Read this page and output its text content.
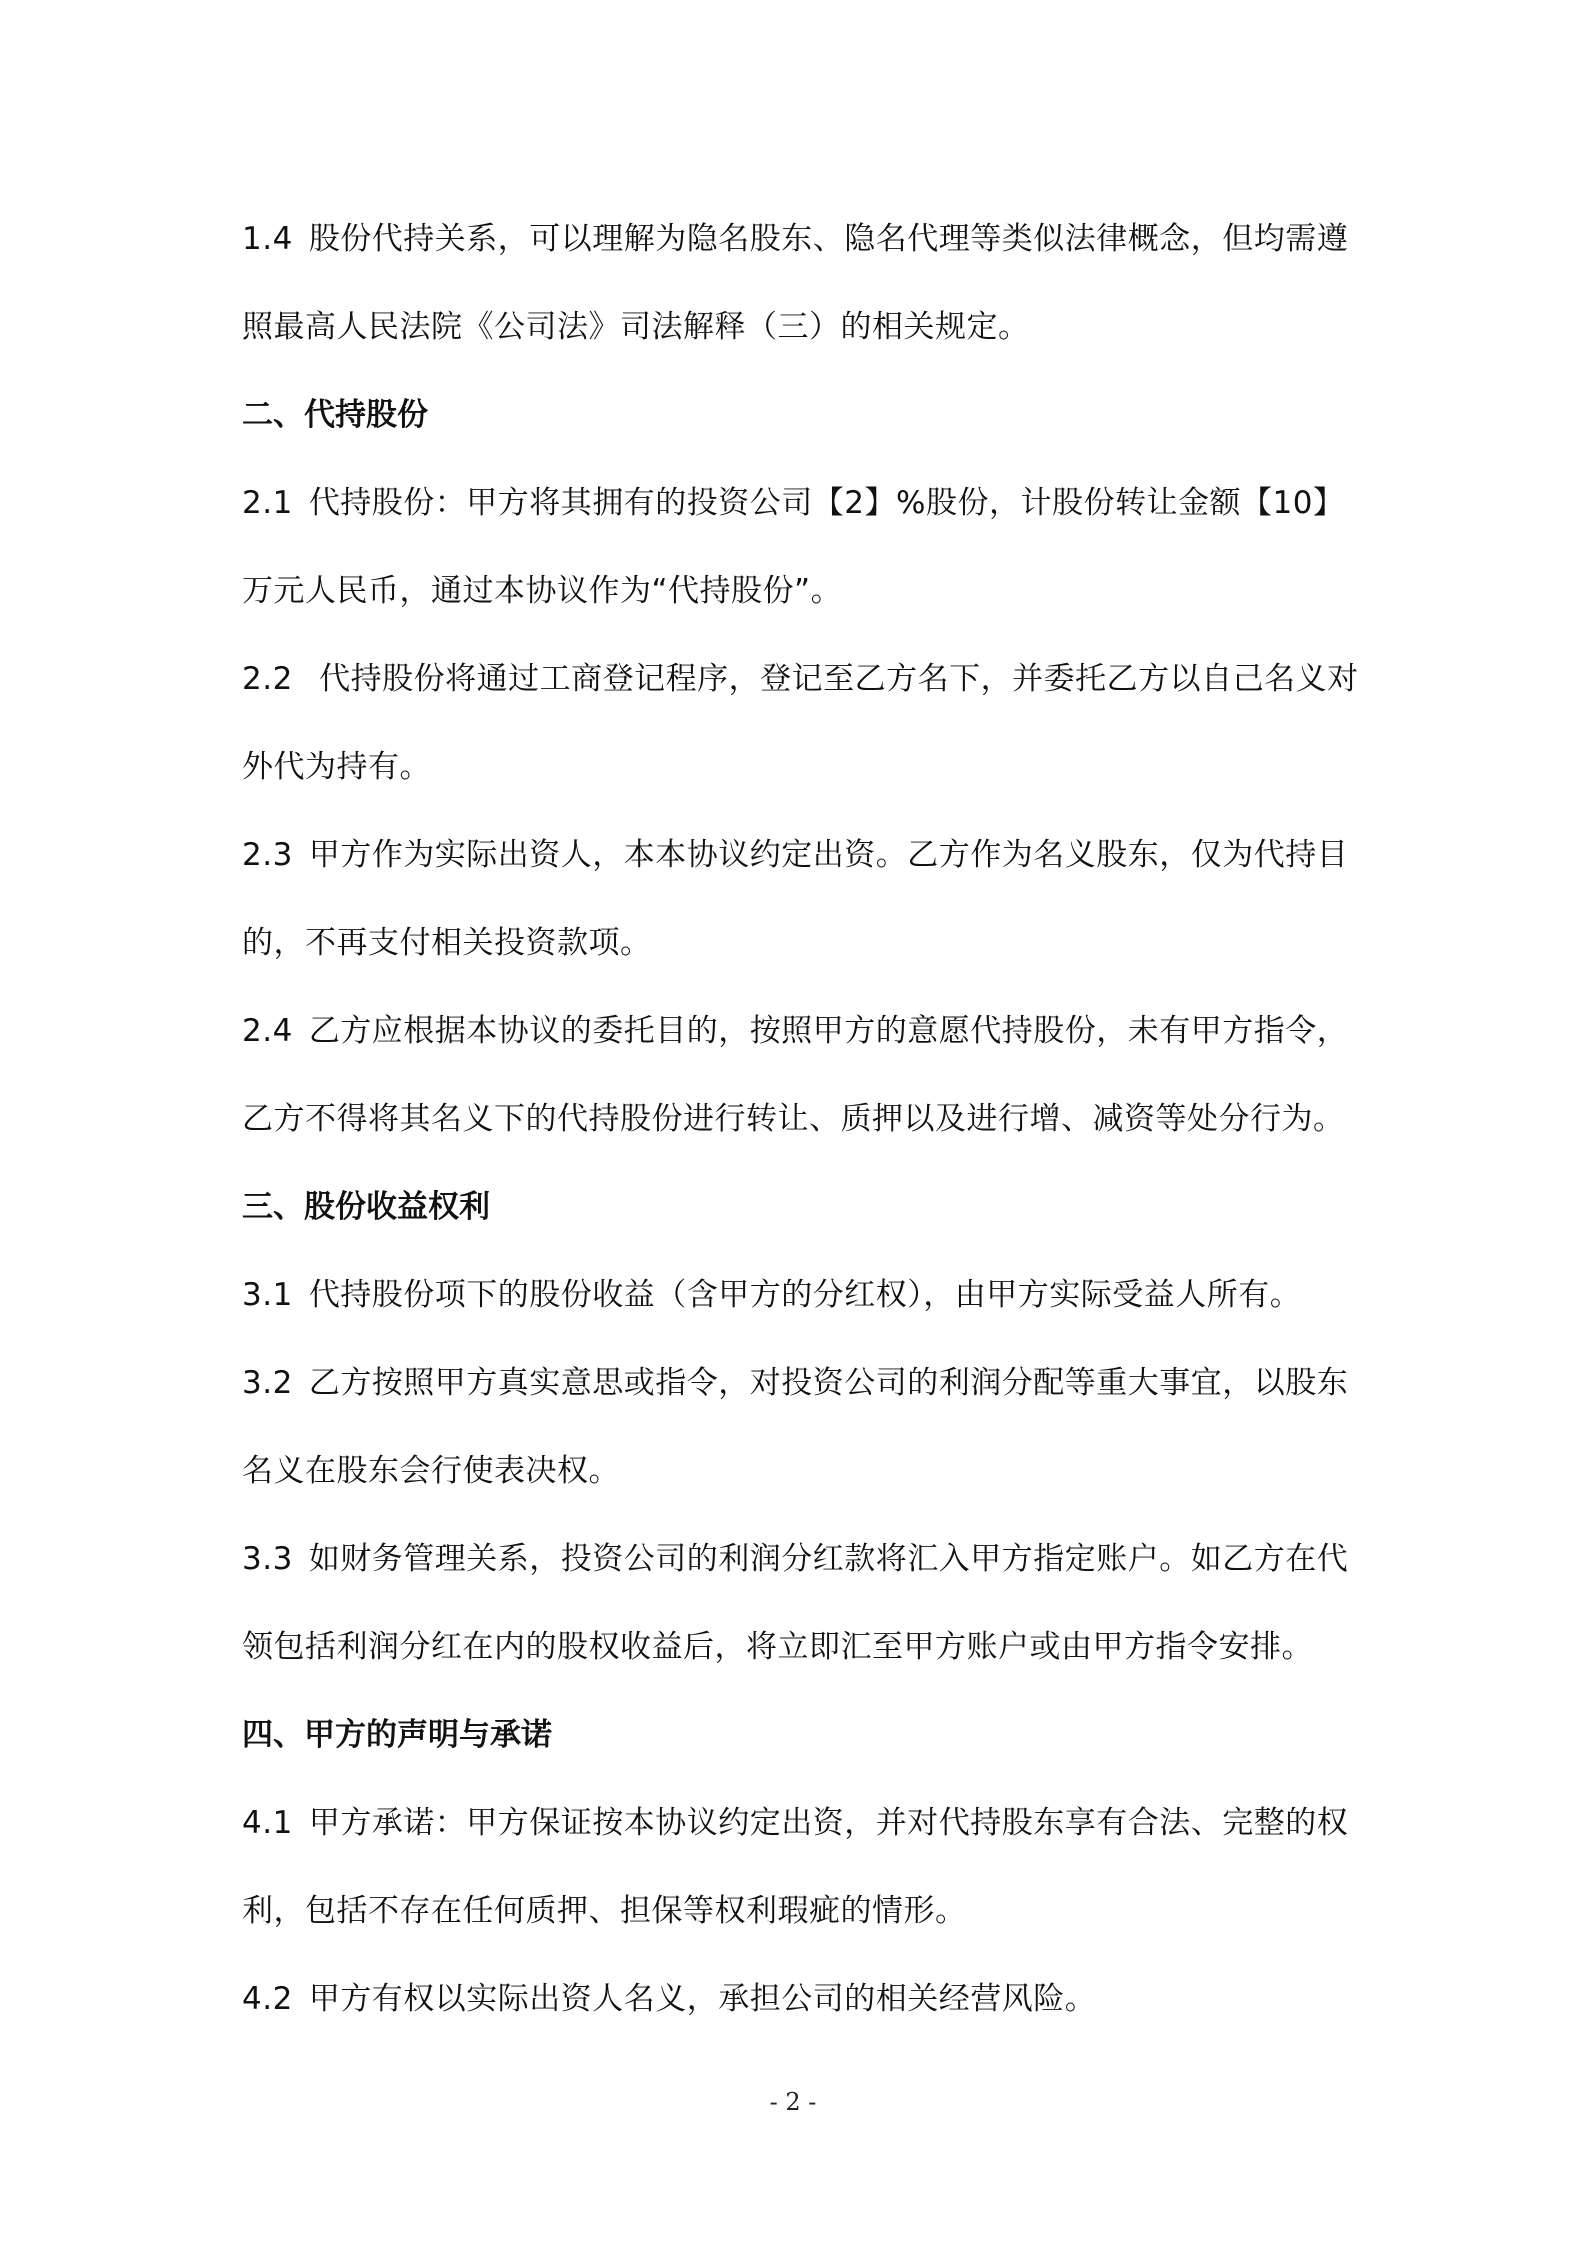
1.4 股份代持关系，可以理解为隐名股东、隐名代理等类似法律概念，但均需遵照最高人民法院《公司法》司法解释（三）的相关规定。

二、代持股份

2.1 代持股份：甲方将其拥有的投资公司【2】%股份，计股份转让金额【10】万元人民币，通过本协议作为“代持股份”。

2.2 代持股份将通过工商登记程序，登记至乙方名下，并委托乙方以自己名义对外代为持有。

2.3 甲方作为实际出资人，本本协议约定出资。乙方作为名义股东，仅为代持目的，不再支付相关投资款项。

2.4 乙方应根据本协议的委托目的，按照甲方的意愿代持股份，未有甲方指令，乙方不得将其名义下的代持股份进行转让、质押以及进行增、减资等处分行为。

三、股份收益权利

3.1 代持股份项下的股份收益（含甲方的分红权），由甲方实际受益人所有。

3.2 乙方按照甲方真实意思或指令，对投资公司的利润分配等重大事宜，以股东名义在股东会行使表决权。

3.3 如财务管理关系，投资公司的利润分红款将汇入甲方指定账户。如乙方在代领包括利润分红在内的股权收益后，将立即汇至甲方账户或由甲方指令安排。

四、甲方的声明与承诺

4.1 甲方承诺：甲方保证按本协议约定出资，并对代持股东享有合法、完整的权利，包括不存在任何质押、担保等权利瑕疵的情形。

4.2 甲方有权以实际出资人名义，承担公司的相关经营风险。

- 2 -
